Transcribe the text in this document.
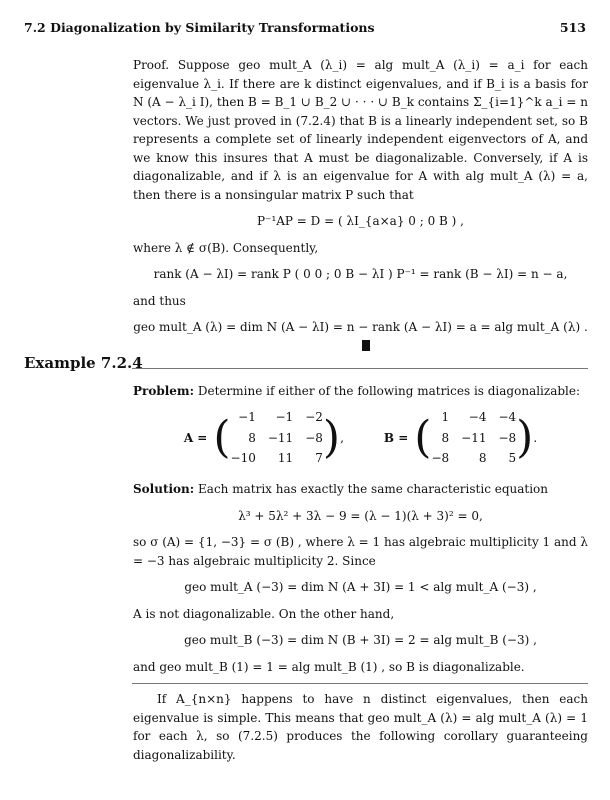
7.2 Diagonalization by Similarity Transformations	513
Proof. Suppose geo mult_A (λ_i) = alg mult_A (λ_i) = a_i for each eigenvalue λ_i. If there are k distinct eigenvalues, and if B_i is a basis for N (A − λ_i I), then B = B_1 ∪ B_2 ∪ · · · ∪ B_k contains Σ_{i=1}^k a_i = n vectors. We just proved in (7.2.4) that B is a linearly independent set, so B represents a complete set of linearly independent eigenvectors of A, and we know this insures that A must be diagonalizable. Conversely, if A is diagonalizable, and if λ is an eigenvalue for A with alg mult_A (λ) = a, then there is a nonsingular matrix P such that
P⁻¹AP = D = ( λI_{a×a} 0 ; 0 B ) ,
where λ ∉ σ(B). Consequently,
rank (A − λI) = rank P ( 0 0 ; 0 B − λI ) P⁻¹ = rank (B − λI) = n − a,
and thus
geo mult_A (λ) = dim N (A − λI) = n − rank (A − λI) = a = alg mult_A (λ) .
Example 7.2.4
Problem: Determine if either of the following matrices is diagonalizable:
A = ( −1	−1 −2
8 −11 −8
−10	11	7 ) ,	B = ( 1	−4 −4
8 −11 −8
−8	8	5 ) .
Solution: Each matrix has exactly the same characteristic equation
λ³ + 5λ² + 3λ − 9 = (λ − 1)(λ + 3)² = 0,
so σ (A) = {1, −3} = σ (B) , where λ = 1 has algebraic multiplicity 1 and λ = −3 has algebraic multiplicity 2. Since
geo mult_A (−3) = dim N (A + 3I) = 1 < alg mult_A (−3) ,
A is not diagonalizable. On the other hand,
geo mult_B (−3) = dim N (B + 3I) = 2 = alg mult_B (−3) ,
and geo mult_B (1) = 1 = alg mult_B (1) , so B is diagonalizable.
If A_{n×n} happens to have n distinct eigenvalues, then each eigenvalue is simple. This means that geo mult_A (λ) = alg mult_A (λ) = 1 for each λ, so (7.2.5) produces the following corollary guaranteeing diagonalizability.
